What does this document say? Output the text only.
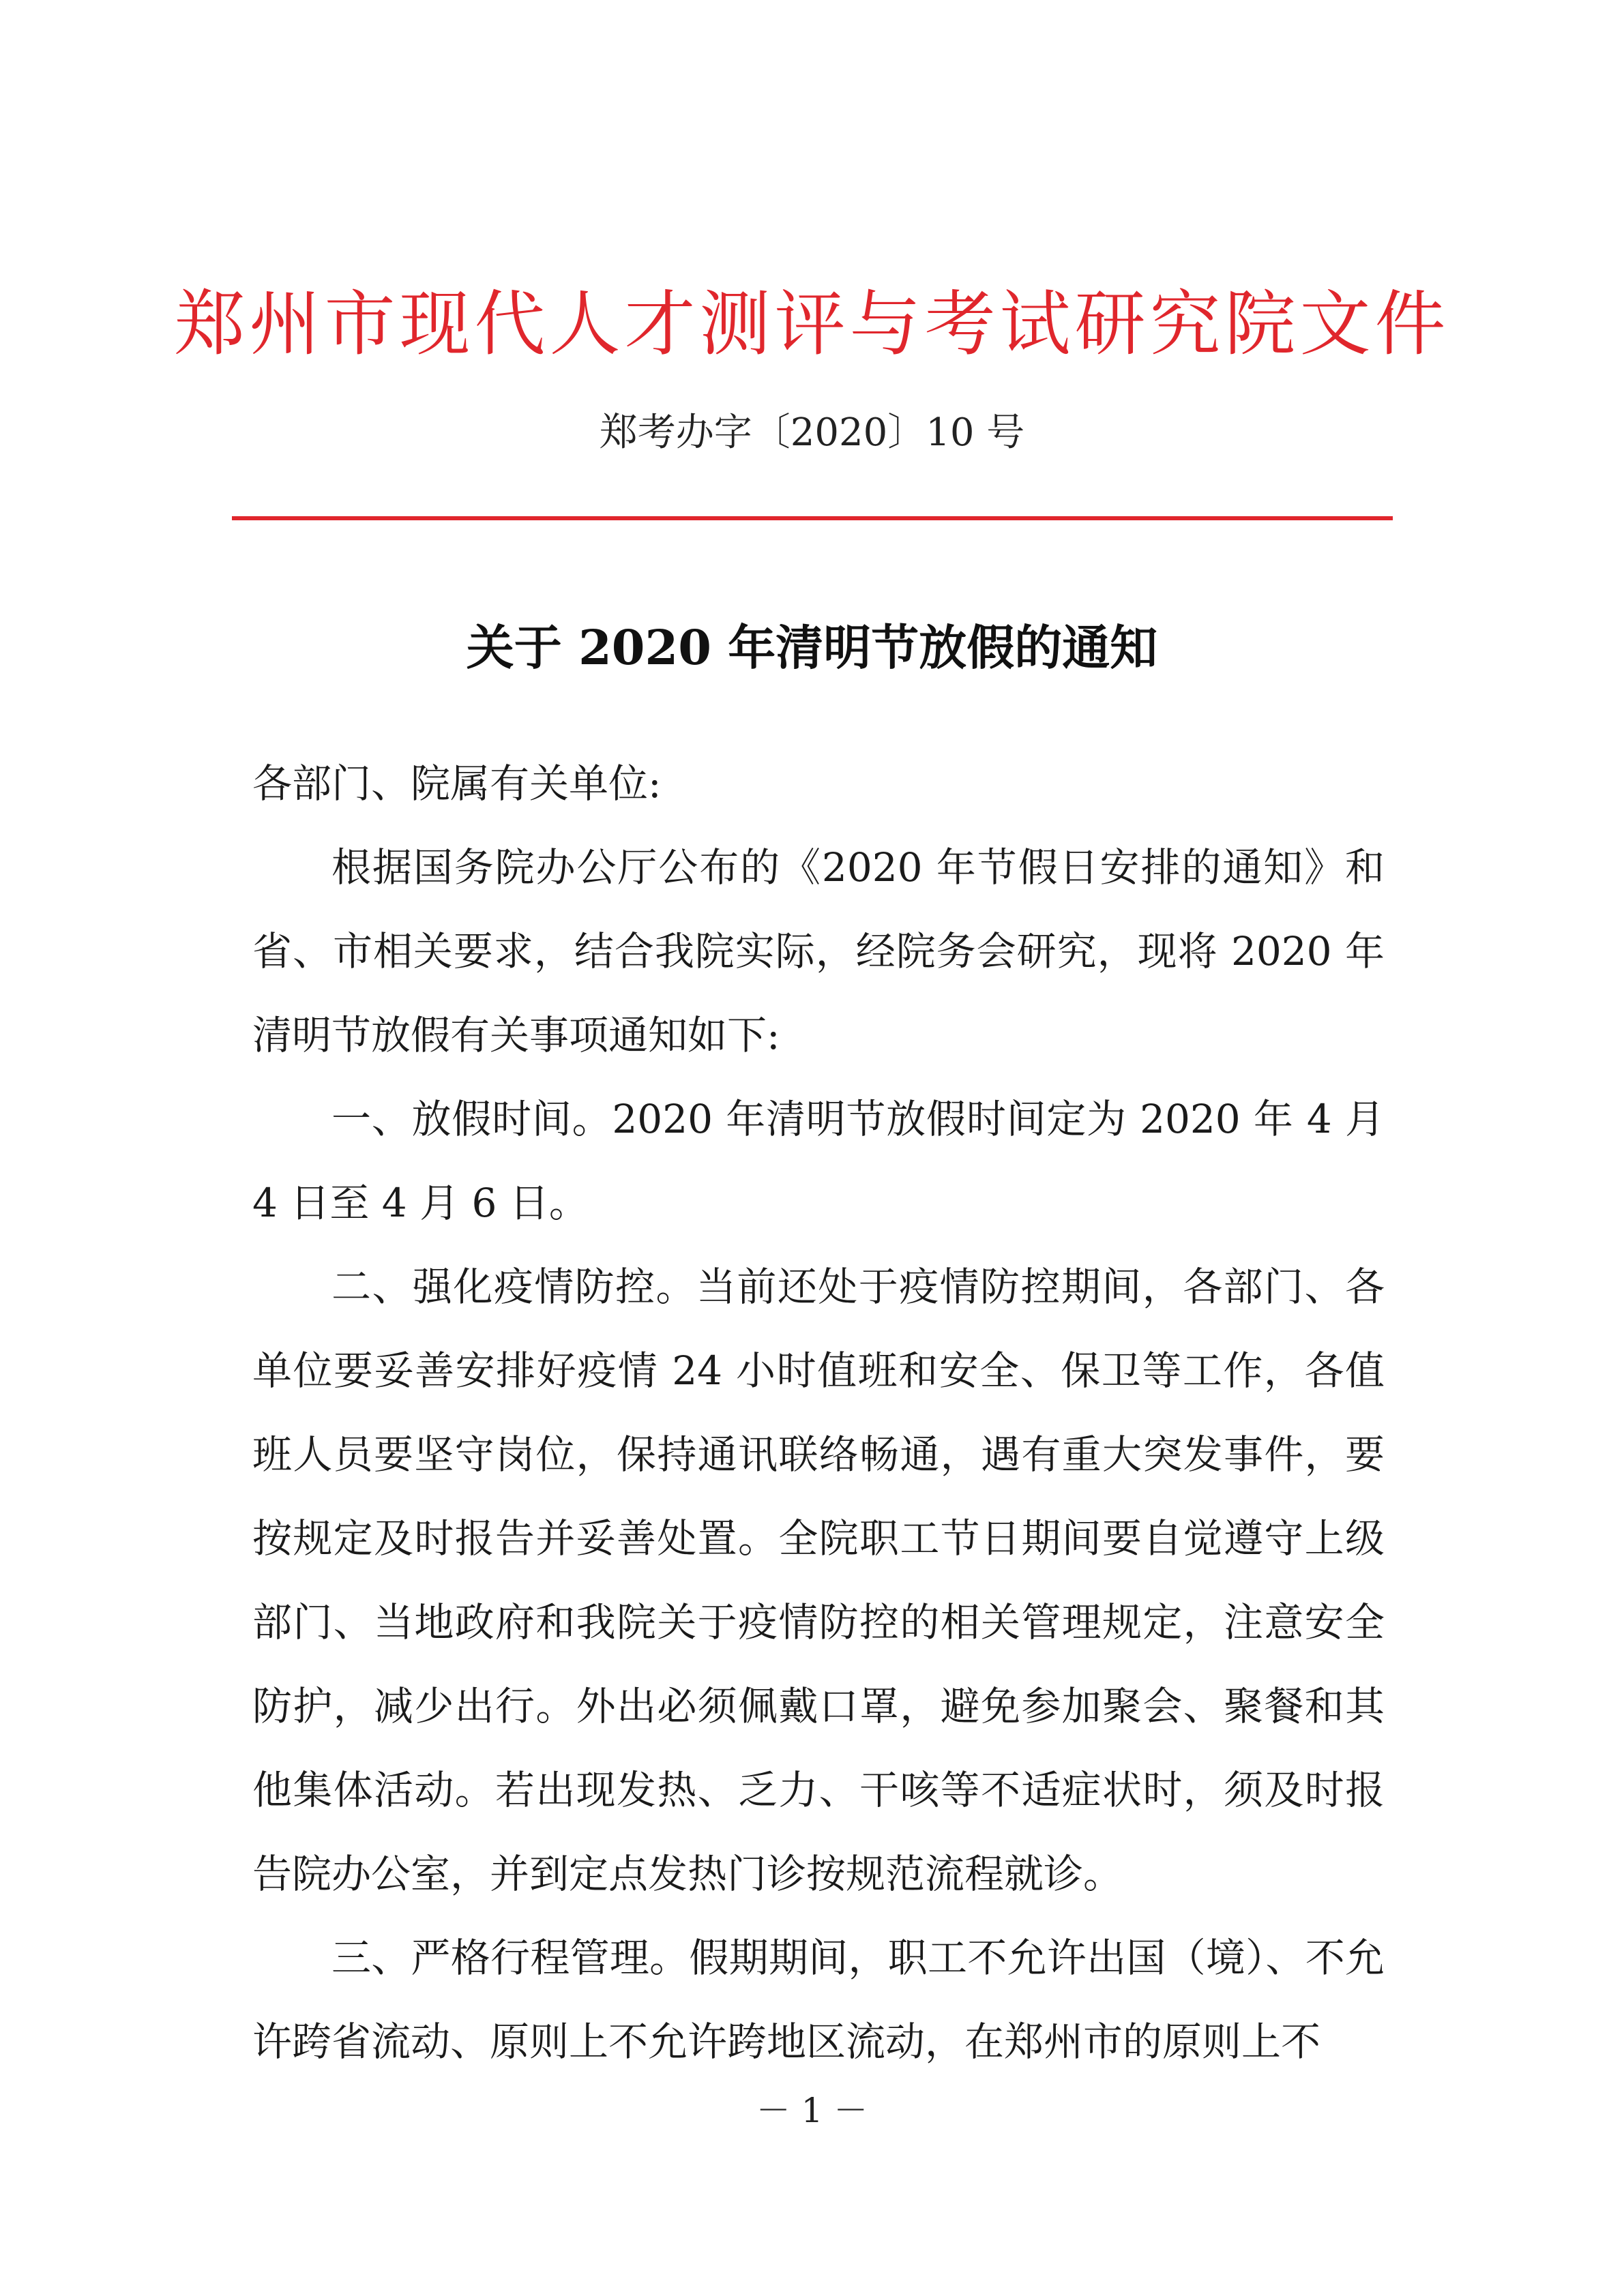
郑州市现代人才测评与考试研究院文件
郑考办字〔2020〕10 号
关于 2020 年清明节放假的通知

各部门、院属有关单位:

根据国务院办公厅公布的《2020 年节假日安排的通知》和省、市相关要求，结合我院实际，经院务会研究，现将 2020 年清明节放假有关事项通知如下:

一、放假时间。2020 年清明节放假时间定为 2020 年 4 月 4 日至 4 月 6 日。

二、强化疫情防控。当前还处于疫情防控期间，各部门、各单位要妥善安排好疫情 24 小时值班和安全、保卫等工作，各值班人员要坚守岗位，保持通讯联络畅通，遇有重大突发事件，要按规定及时报告并妥善处置。全院职工节日期间要自觉遵守上级部门、当地政府和我院关于疫情防控的相关管理规定，注意安全防护，减少出行。外出必须佩戴口罩，避免参加聚会、聚餐和其他集体活动。若出现发热、乏力、干咳等不适症状时，须及时报告院办公室，并到定点发热门诊按规范流程就诊。

三、严格行程管理。假期期间，职工不允许出国（境）、不允许跨省流动、原则上不允许跨地区流动，在郑州市的原则上不

－ 1 －
